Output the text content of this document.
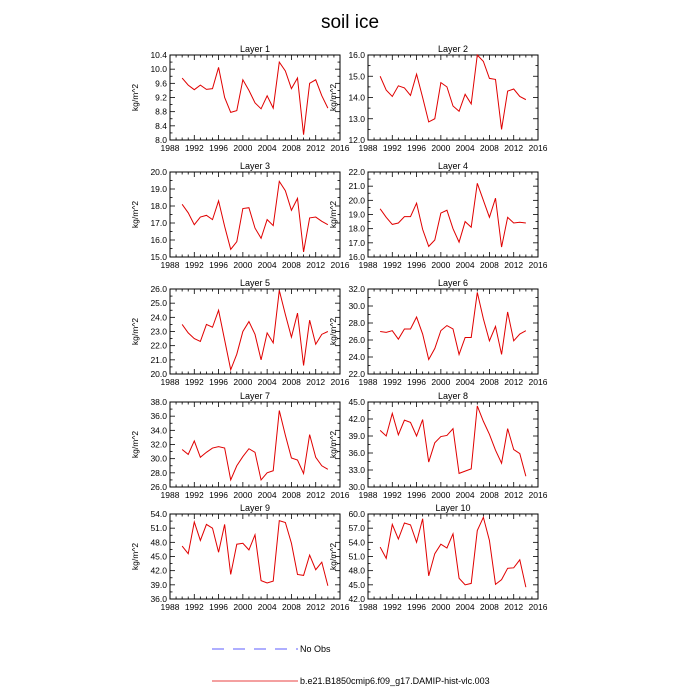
soil ice
Layer 1
kg/m^2
1988 1992 1996 2000 2004 2008 2012 2016
8.0
8.4
8.8
9.2
9.6
10.0
10.4
Layer 2
kg/m^2
1988 1992 1996 2000 2004 2008 2012 2016
12.0
13.0
14.0
15.0
16.0
Layer 3
kg/m^2
1988 1992 1996 2000 2004 2008 2012 2016
15.0
16.0
17.0
18.0
19.0
20.0
Layer 4
kg/m^2
1988 1992 1996 2000 2004 2008 2012 2016
16.0
17.0
18.0
19.0
20.0
21.0
22.0
Layer 5
kg/m^2
1988 1992 1996 2000 2004 2008 2012 2016
20.0
21.0
22.0
23.0
24.0
25.0
26.0
Layer 6
kg/m^2
1988 1992 1996 2000 2004 2008 2012 2016
22.0
24.0
26.0
28.0
30.0
32.0
Layer 7
kg/m^2
1988 1992 1996 2000 2004 2008 2012 2016
26.0
28.0
30.0
32.0
34.0
36.0
38.0
Layer 8
kg/m^2
1988 1992 1996 2000 2004 2008 2012 2016
30.0
33.0
36.0
39.0
42.0
45.0
Layer 9
kg/m^2
1988 1992 1996 2000 2004 2008 2012 2016
36.0
39.0
42.0
45.0
48.0
51.0
54.0
Layer 10
kg/m^2
1988 1992 1996 2000 2004 2008 2012 2016
42.0
45.0
48.0
51.0
54.0
57.0
60.0
No Obs
b.e21.B1850cmip6.f09_g17.DAMIP-hist-vlc.003
